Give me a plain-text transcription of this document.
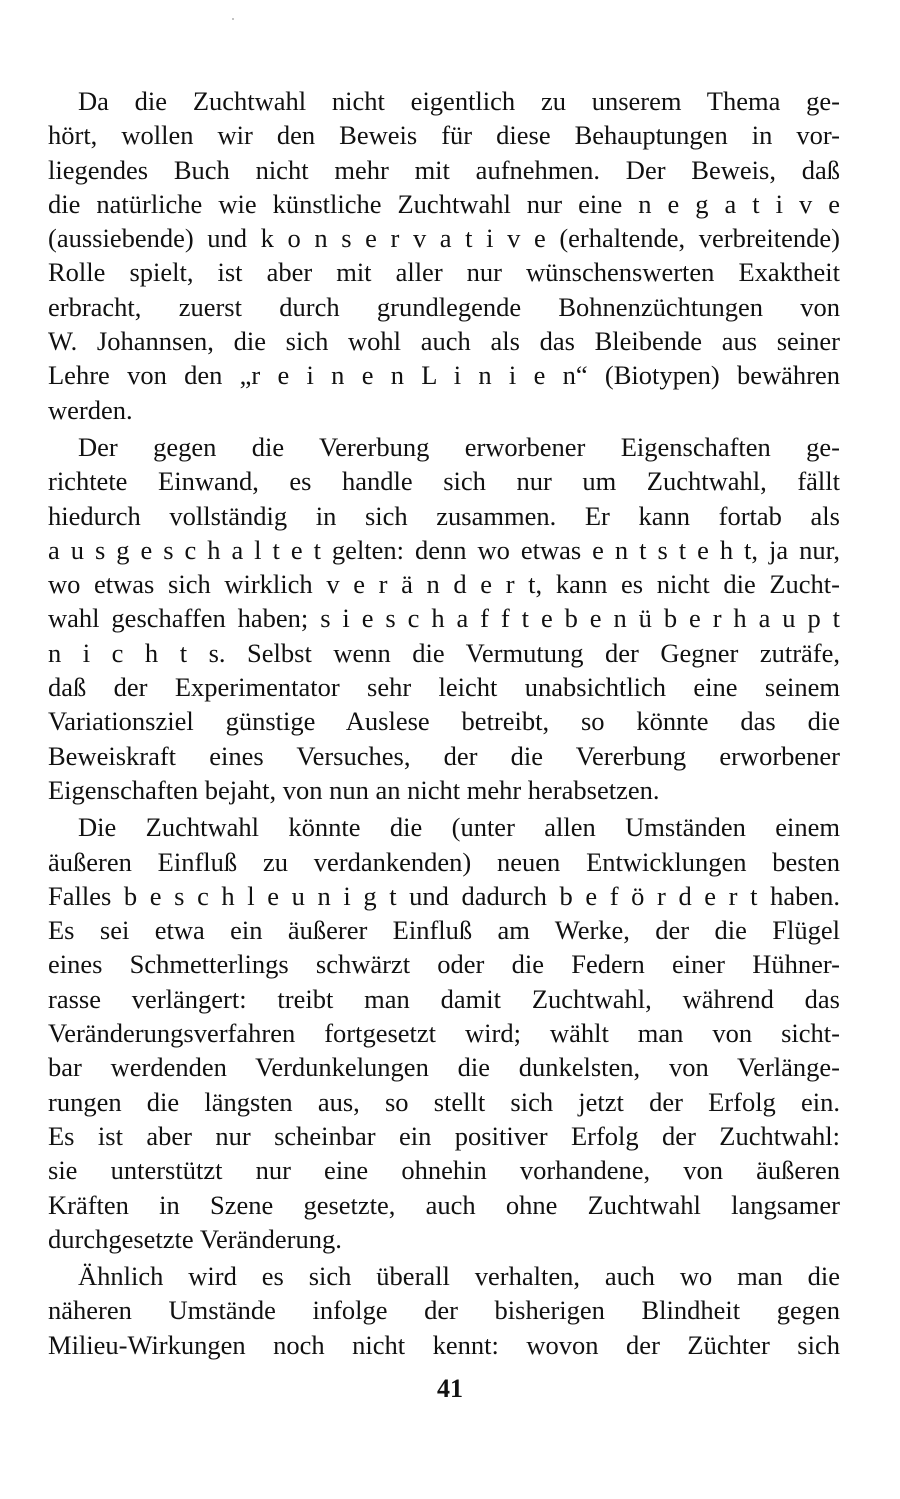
Da die Zuchtwahl nicht eigentlich zu unserem Thema ge-
hört, wollen wir den Beweis für diese Behauptungen in vor-
liegendes Buch nicht mehr mit aufnehmen. Der Beweis, daß
die natürliche wie künstliche Zuchtwahl nur eine n e g a t i v e
(aussiebende) und k o n s e r v a t i v e (erhaltende, verbreitende)
Rolle spielt, ist aber mit aller nur wünschenswerten Exaktheit
erbracht, zuerst durch grundlegende Bohnenzüchtungen von
W. Johannsen, die sich wohl auch als das Bleibende aus seiner
Lehre von den „r e i n e n L i n i e n“ (Biotypen) bewähren
werden.
Der gegen die Vererbung erworbener Eigenschaften ge-
richtete Einwand, es handle sich nur um Zuchtwahl, fällt
hiedurch vollständig in sich zusammen. Er kann fortab als
a u s g e s c h a l t e t gelten: denn wo etwas e n t s t e h t, ja nur,
wo etwas sich wirklich v e r ä n d e r t, kann es nicht die Zucht-
wahl geschaffen haben; s i e s c h a f f t e b e n ü b e r h a u p t
n i c h t s. Selbst wenn die Vermutung der Gegner zuträfe,
daß der Experimentator sehr leicht unabsichtlich eine seinem
Variationsziel günstige Auslese betreibt, so könnte das die
Beweiskraft eines Versuches, der die Vererbung erworbener
Eigenschaften bejaht, von nun an nicht mehr herabsetzen.
Die Zuchtwahl könnte die (unter allen Umständen einem
äußeren Einfluß zu verdankenden) neuen Entwicklungen besten
Falles b e s c h l e u n i g t und dadurch b e f ö r d e r t haben.
Es sei etwa ein äußerer Einfluß am Werke, der die Flügel
eines Schmetterlings schwärzt oder die Federn einer Hühner-
rasse verlängert: treibt man damit Zuchtwahl, während das
Veränderungsverfahren fortgesetzt wird; wählt man von sicht-
bar werdenden Verdunkelungen die dunkelsten, von Verlänge-
rungen die längsten aus, so stellt sich jetzt der Erfolg ein.
Es ist aber nur scheinbar ein positiver Erfolg der Zuchtwahl:
sie unterstützt nur eine ohnehin vorhandene, von äußeren
Kräften in Szene gesetzte, auch ohne Zuchtwahl langsamer
durchgesetzte Veränderung.
Ähnlich wird es sich überall verhalten, auch wo man die
näheren Umstände infolge der bisherigen Blindheit gegen
Milieu-Wirkungen noch nicht kennt: wovon der Züchter sich
41
